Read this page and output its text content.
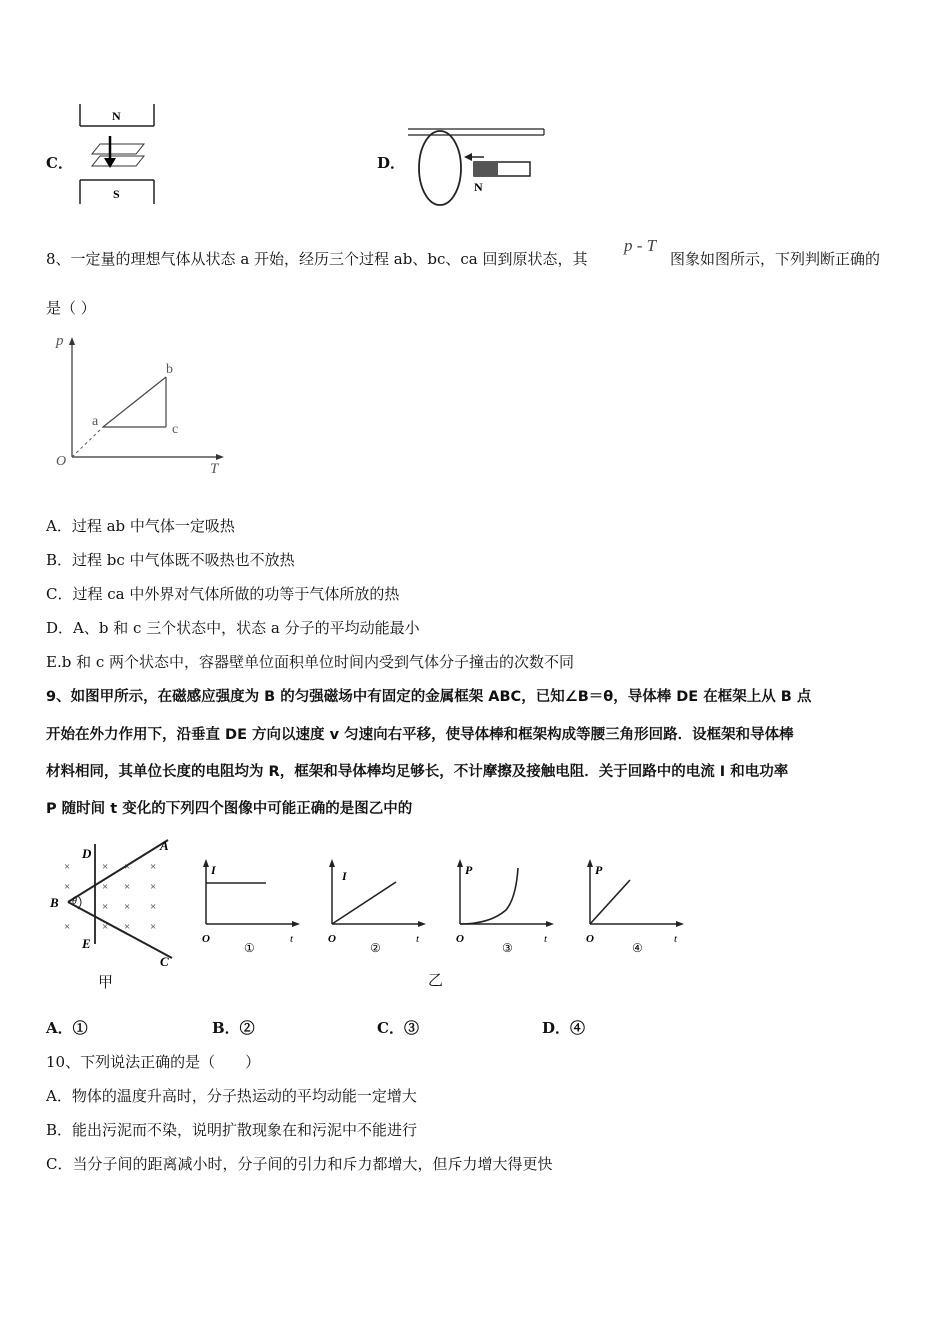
C．
N
S
D．
N
8、一定量的理想气体从状态 a 开始，经历三个过程 ab、bc、ca 回到原状态，其
p - T
图象如图所示，下列判断正确的
是（ ）
p
T
O
a
b
c
A．过程 ab 中气体一定吸热
B．过程 bc 中气体既不吸热也不放热
C．过程 ca 中外界对气体所做的功等于气体所放的热
D．A、b 和 c 三个状态中，状态 a 分子的平均动能最小
E.b 和 c 两个状态中，容器壁单位面积单位时间内受到气体分子撞击的次数不同
9、如图甲所示，在磁感应强度为 B 的匀强磁场中有固定的金属框架 ABC，已知∠B＝θ，导体棒 DE 在框架上从 B 点
开始在外力作用下，沿垂直 DE 方向以速度 v 匀速向右平移，使导体棒和框架构成等腰三角形回路．设框架和导体棒
材料相同，其单位长度的电阻均为 R，框架和导体棒均足够长，不计摩擦及接触电阻．关于回路中的电流 I 和电功率
P 随时间 t 变化的下列四个图像中可能正确的是图乙中的
×
×
×
×
×
×
×
×
×
×
×
×
×
×
×
D
E
B
A
C
θ
甲
I
t
O
①
I
t
O
②
P
t
O
③
P
t
O
④
乙
A．①	B．②	C．③	D．④
10、下列说法正确的是（　　）
A．物体的温度升高时，分子热运动的平均动能一定增大
B．能出污泥而不染，说明扩散现象在和污泥中不能进行
C．当分子间的距离减小时，分子间的引力和斥力都增大，但斥力增大得更快
